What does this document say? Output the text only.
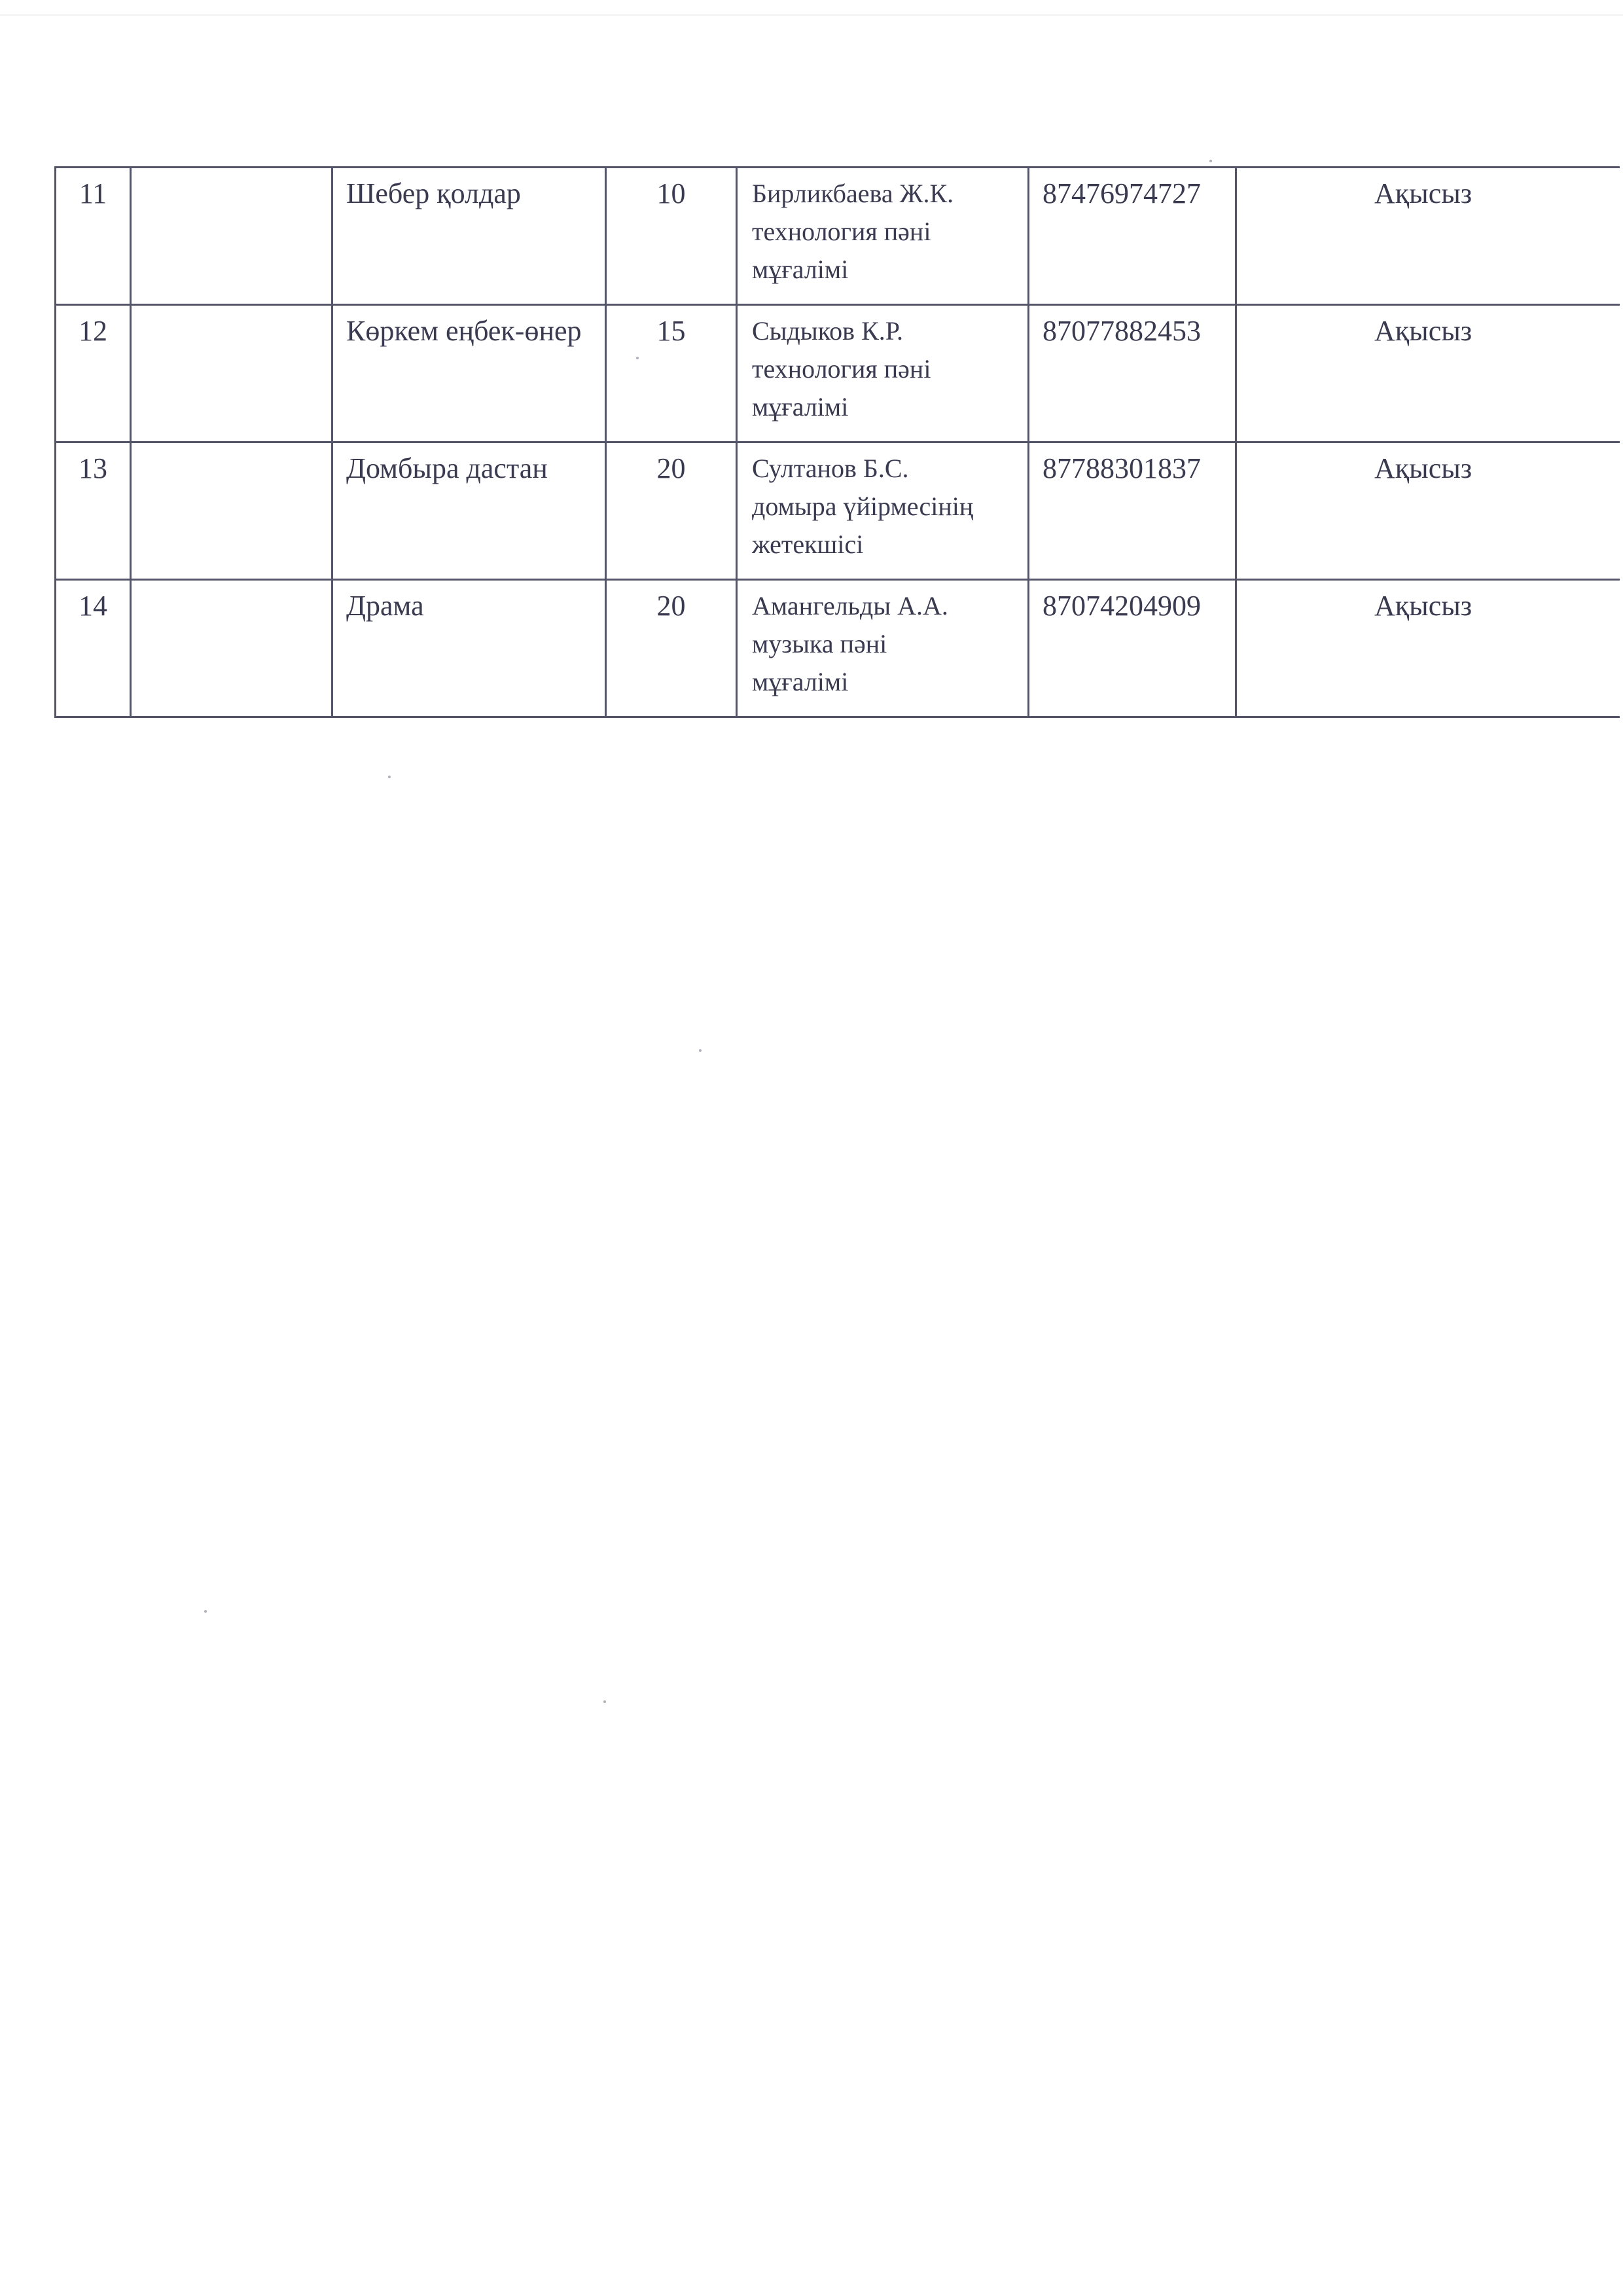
11		Шебер қолдар	10	Бирликбаева Ж.К.
технология пәні
мұғалімі	87476974727	Ақысыз
12		Көркем еңбек-өнер	15	Сыдыков К.Р.
технология пәні
мұғалімі	87077882453	Ақысыз
13		Домбыра дастан	20	Султанов Б.С.
домыра үйірмесінің
жетекшісі	87788301837	Ақысыз
14		Драма	20	Амангельды А.А.
музыка пәні
мұғалімі	87074204909	Ақысыз
